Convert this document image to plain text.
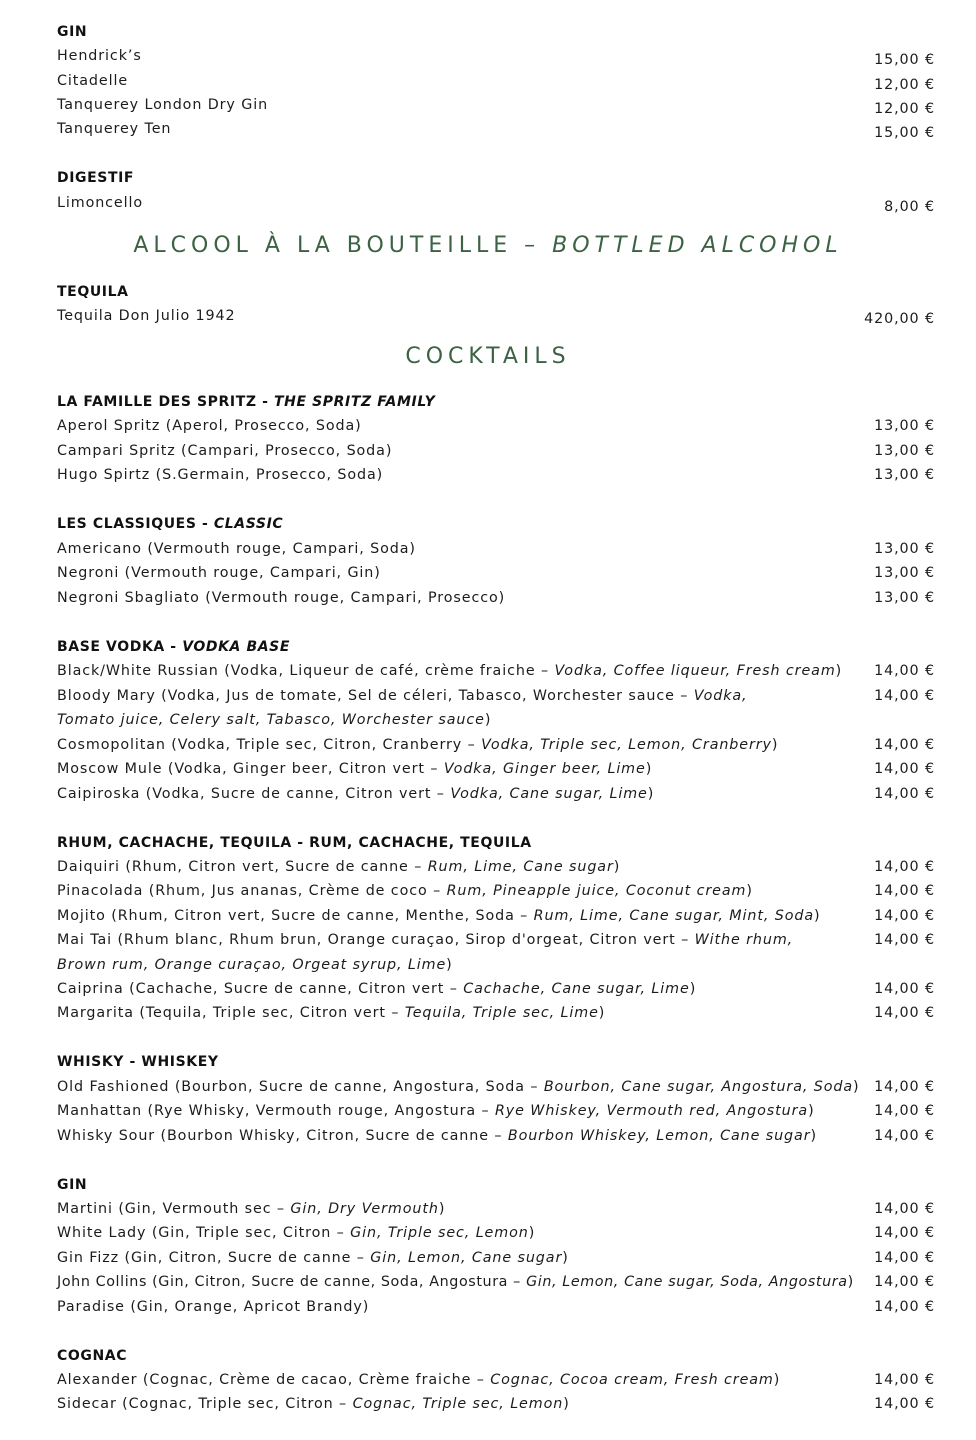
GIN
Hendrick’s	15,00 €
Citadelle	12,00 €
Tanquerey London Dry Gin	12,00 €
Tanquerey Ten	15,00 €
DIGESTIF
Limoncello	8,00 €
ALCOOL À LA BOUTEILLE – BOTTLED ALCOHOL
TEQUILA
Tequila Don Julio 1942	420,00 €
COCKTAILS
LA FAMILLE DES SPRITZ - THE SPRITZ FAMILY
Aperol Spritz (Aperol, Prosecco, Soda)	13,00 €
Campari Spritz (Campari, Prosecco, Soda)	13,00 €
Hugo Spirtz (S.Germain, Prosecco, Soda)	13,00 €
LES CLASSIQUES - CLASSIC
Americano (Vermouth rouge, Campari, Soda)	13,00 €
Negroni (Vermouth rouge, Campari, Gin)	13,00 €
Negroni Sbagliato (Vermouth rouge, Campari, Prosecco)	13,00 €
BASE VODKA - VODKA BASE
Black/White Russian (Vodka, Liqueur de café, crème fraiche – Vodka, Coffee liqueur, Fresh cream) 14,00 €
Bloody Mary (Vodka, Jus de tomate, Sel de céleri, Tabasco, Worchester sauce – Vodka,	14,00 €
Tomato juice, Celery salt, Tabasco, Worchester sauce)
Cosmopolitan (Vodka, Triple sec, Citron, Cranberry – Vodka, Triple sec, Lemon, Cranberry)	14,00 €
Moscow Mule (Vodka, Ginger beer, Citron vert – Vodka, Ginger beer, Lime)	14,00 €
Caipiroska (Vodka, Sucre de canne, Citron vert – Vodka, Cane sugar, Lime)	14,00 €
RHUM, CACHACHE, TEQUILA - RUM, CACHACHE, TEQUILA
Daiquiri (Rhum, Citron vert, Sucre de canne – Rum, Lime, Cane sugar)	14,00 €
Pinacolada (Rhum, Jus ananas, Crème de coco – Rum, Pineapple juice, Coconut cream)	14,00 €
Mojito (Rhum, Citron vert, Sucre de canne, Menthe, Soda – Rum, Lime, Cane sugar, Mint, Soda)	14,00 €
Mai Tai (Rhum blanc, Rhum brun, Orange curaçao, Sirop d'orgeat, Citron vert – Withe rhum,	14,00 €
Brown rum, Orange curaçao, Orgeat syrup, Lime)
Caiprina (Cachache, Sucre de canne, Citron vert – Cachache, Cane sugar, Lime)	14,00 €
Margarita (Tequila, Triple sec, Citron vert – Tequila, Triple sec, Lime)	14,00 €
WHISKY - WHISKEY
Old Fashioned (Bourbon, Sucre de canne, Angostura, Soda – Bourbon, Cane sugar, Angostura, Soda) 14,00 €
Manhattan (Rye Whisky, Vermouth rouge, Angostura – Rye Whiskey, Vermouth red, Angostura)	14,00 €
Whisky Sour (Bourbon Whisky, Citron, Sucre de canne – Bourbon Whiskey, Lemon, Cane sugar)	14,00 €
GIN
Martini (Gin, Vermouth sec – Gin, Dry Vermouth)	14,00 €
White Lady (Gin, Triple sec, Citron – Gin, Triple sec, Lemon)	14,00 €
Gin Fizz (Gin, Citron, Sucre de canne – Gin, Lemon, Cane sugar)	14,00 €
John Collins (Gin, Citron, Sucre de canne, Soda, Angostura – Gin, Lemon, Cane sugar, Soda, Angostura) 14,00 €
Paradise (Gin, Orange, Apricot Brandy)	14,00 €
COGNAC
Alexander (Cognac, Crème de cacao, Crème fraiche – Cognac, Cocoa cream, Fresh cream)	14,00 €
Sidecar (Cognac, Triple sec, Citron – Cognac, Triple sec, Lemon)	14,00 €
